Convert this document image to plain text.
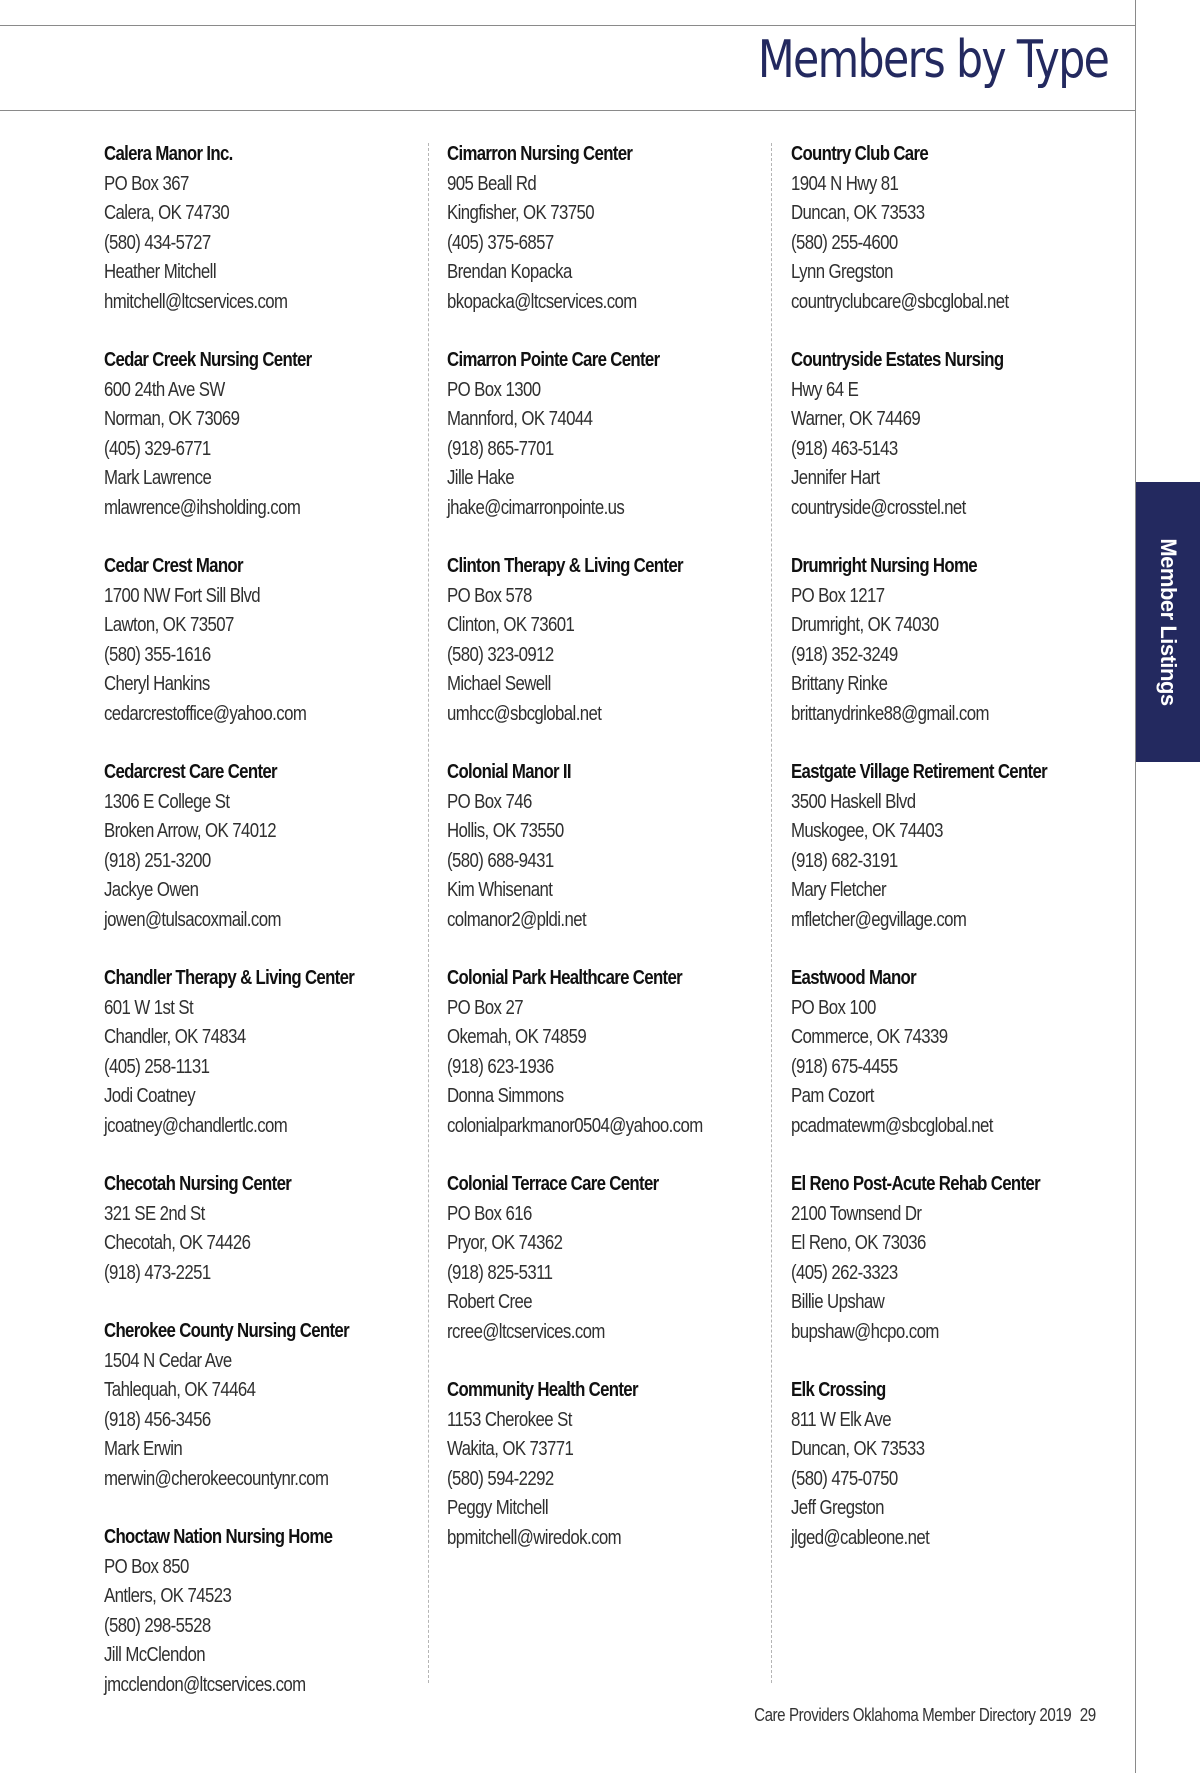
Members by Type
Member Listings
Calera Manor Inc.
PO Box 367
Calera, OK 74730
(580) 434-5727
Heather Mitchell
hmitchell@ltcservices.com
Cedar Creek Nursing Center
600 24th Ave SW
Norman, OK 73069
(405) 329-6771
Mark Lawrence
mlawrence@ihsholding.com
Cedar Crest Manor
1700 NW Fort Sill Blvd
Lawton, OK 73507
(580) 355-1616
Cheryl Hankins
cedarcrestoffice@yahoo.com
Cedarcrest Care Center
1306 E College St
Broken Arrow, OK 74012
(918) 251-3200
Jackye Owen
jowen@tulsacoxmail.com
Chandler Therapy & Living Center
601 W 1st St
Chandler, OK 74834
(405) 258-1131
Jodi Coatney
jcoatney@chandlertlc.com
Checotah Nursing Center
321 SE 2nd St
Checotah, OK 74426
(918) 473-2251
Cherokee County Nursing Center
1504 N Cedar Ave
Tahlequah, OK 74464
(918) 456-3456
Mark Erwin
merwin@cherokeecountynr.com
Choctaw Nation Nursing Home
PO Box 850
Antlers, OK 74523
(580) 298-5528
Jill McClendon
jmcclendon@ltcservices.com
Cimarron Nursing Center
905 Beall Rd
Kingfisher, OK 73750
(405) 375-6857
Brendan Kopacka
bkopacka@ltcservices.com
Cimarron Pointe Care Center
PO Box 1300
Mannford, OK 74044
(918) 865-7701
Jille Hake
jhake@cimarronpointe.us
Clinton Therapy & Living Center
PO Box 578
Clinton, OK 73601
(580) 323-0912
Michael Sewell
umhcc@sbcglobal.net
Colonial Manor II
PO Box 746
Hollis, OK 73550
(580) 688-9431
Kim Whisenant
colmanor2@pldi.net
Colonial Park Healthcare Center
PO Box 27
Okemah, OK 74859
(918) 623-1936
Donna Simmons
colonialparkmanor0504@yahoo.com
Colonial Terrace Care Center
PO Box 616
Pryor, OK 74362
(918) 825-5311
Robert Cree
rcree@ltcservices.com
Community Health Center
1153 Cherokee St
Wakita, OK 73771
(580) 594-2292
Peggy Mitchell
bpmitchell@wiredok.com
Country Club Care
1904 N Hwy 81
Duncan, OK 73533
(580) 255-4600
Lynn Gregston
countryclubcare@sbcglobal.net
Countryside Estates Nursing
Hwy 64 E
Warner, OK 74469
(918) 463-5143
Jennifer Hart
countryside@crosstel.net
Drumright Nursing Home
PO Box 1217
Drumright, OK 74030
(918) 352-3249
Brittany Rinke
brittanydrinke88@gmail.com
Eastgate Village Retirement Center
3500 Haskell Blvd
Muskogee, OK 74403
(918) 682-3191
Mary Fletcher
mfletcher@egvillage.com
Eastwood Manor
PO Box 100
Commerce, OK 74339
(918) 675-4455
Pam Cozort
pcadmatewm@sbcglobal.net
El Reno Post-Acute Rehab Center
2100 Townsend Dr
El Reno, OK 73036
(405) 262-3323
Billie Upshaw
bupshaw@hcpo.com
Elk Crossing
811 W Elk Ave
Duncan, OK 73533
(580) 475-0750
Jeff Gregston
jlged@cableone.net
Care Providers Oklahoma Member Directory 2019 29
